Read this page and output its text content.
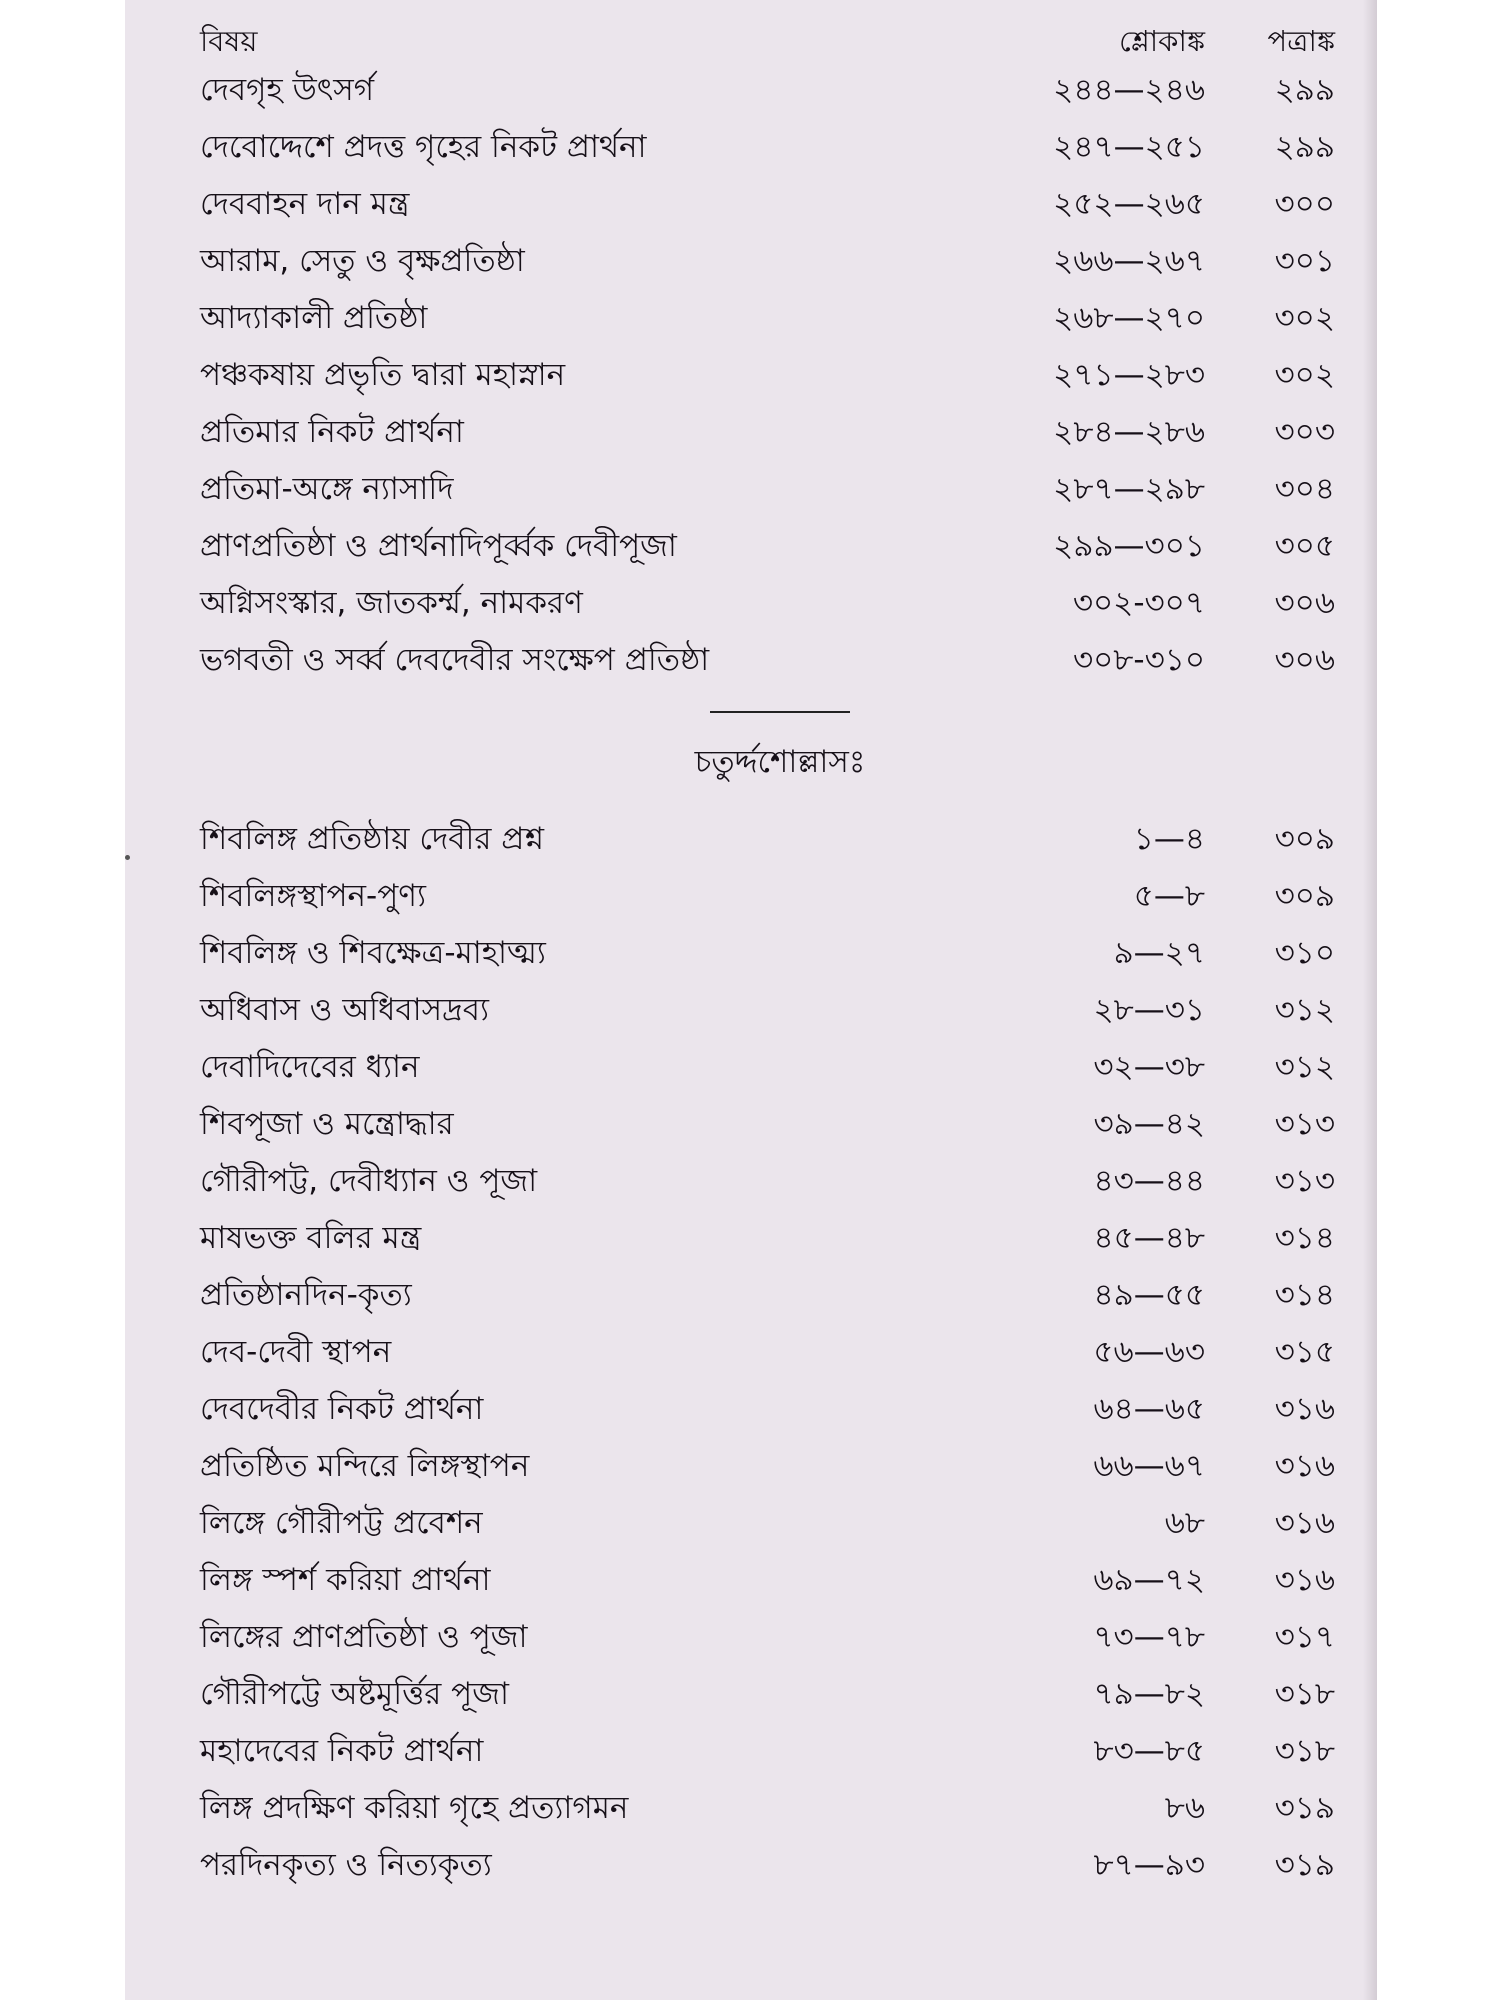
বিষয়	শ্লোকাঙ্ক	পত্রাঙ্ক
দেবগৃহ উৎসর্গ	২৪৪—২৪৬	২৯৯
দেবোদ্দেশে প্রদত্ত গৃহের নিকট প্রার্থনা	২৪৭—২৫১	২৯৯
দেববাহন দান মন্ত্র	২৫২—২৬৫	৩০০
আরাম, সেতু ও বৃক্ষপ্রতিষ্ঠা	২৬৬—২৬৭	৩০১
আদ্যাকালী প্রতিষ্ঠা	২৬৮—২৭০	৩০২
পঞ্চকষায় প্রভৃতি দ্বারা মহাস্নান	২৭১—২৮৩	৩০২
প্রতিমার নিকট প্রার্থনা	২৮৪—২৮৬	৩০৩
প্রতিমা-অঙ্গে ন্যাসাদি	২৮৭—২৯৮	৩০৪
প্রাণপ্রতিষ্ঠা ও প্রার্থনাদিপূর্ব্বক দেবীপূজা	২৯৯—৩০১	৩০৫
অগ্নিসংস্কার, জাতকর্ম্ম, নামকরণ	৩০২-৩০৭	৩০৬
ভগবতী ও সর্ব্ব দেবদেবীর সংক্ষেপ প্রতিষ্ঠা	৩০৮-৩১০	৩০৬
চতুর্দ্দশোল্লাসঃ
শিবলিঙ্গ প্রতিষ্ঠায় দেবীর প্রশ্ন	১—৪	৩০৯
শিবলিঙ্গস্থাপন-পুণ্য	৫—৮	৩০৯
শিবলিঙ্গ ও শিবক্ষেত্র-মাহাত্ম্য	৯—২৭	৩১০
অধিবাস ও অধিবাসদ্রব্য	২৮—৩১	৩১২
দেবাদিদেবের ধ্যান	৩২—৩৮	৩১২
শিবপূজা ও মন্ত্রোদ্ধার	৩৯—৪২	৩১৩
গৌরীপট্ট, দেবীধ্যান ও পূজা	৪৩—৪৪	৩১৩
মাষভক্ত বলির মন্ত্র	৪৫—৪৮	৩১৪
প্রতিষ্ঠানদিন-কৃত্য	৪৯—৫৫	৩১৪
দেব-দেবী স্থাপন	৫৬—৬৩	৩১৫
দেবদেবীর নিকট প্রার্থনা	৬৪—৬৫	৩১৬
প্রতিষ্ঠিত মন্দিরে লিঙ্গস্থাপন	৬৬—৬৭	৩১৬
লিঙ্গে গৌরীপট্ট প্রবেশন	৬৮	৩১৬
লিঙ্গ স্পর্শ করিয়া প্রার্থনা	৬৯—৭২	৩১৬
লিঙ্গের প্রাণপ্রতিষ্ঠা ও পূজা	৭৩—৭৮	৩১৭
গৌরীপট্টে অষ্টমূর্ত্তির পূজা	৭৯—৮২	৩১৮
মহাদেবের নিকট প্রার্থনা	৮৩—৮৫	৩১৮
লিঙ্গ প্রদক্ষিণ করিয়া গৃহে প্রত্যাগমন	৮৬	৩১৯
পরদিনকৃত্য ও নিত্যকৃত্য	৮৭—৯৩	৩১৯
